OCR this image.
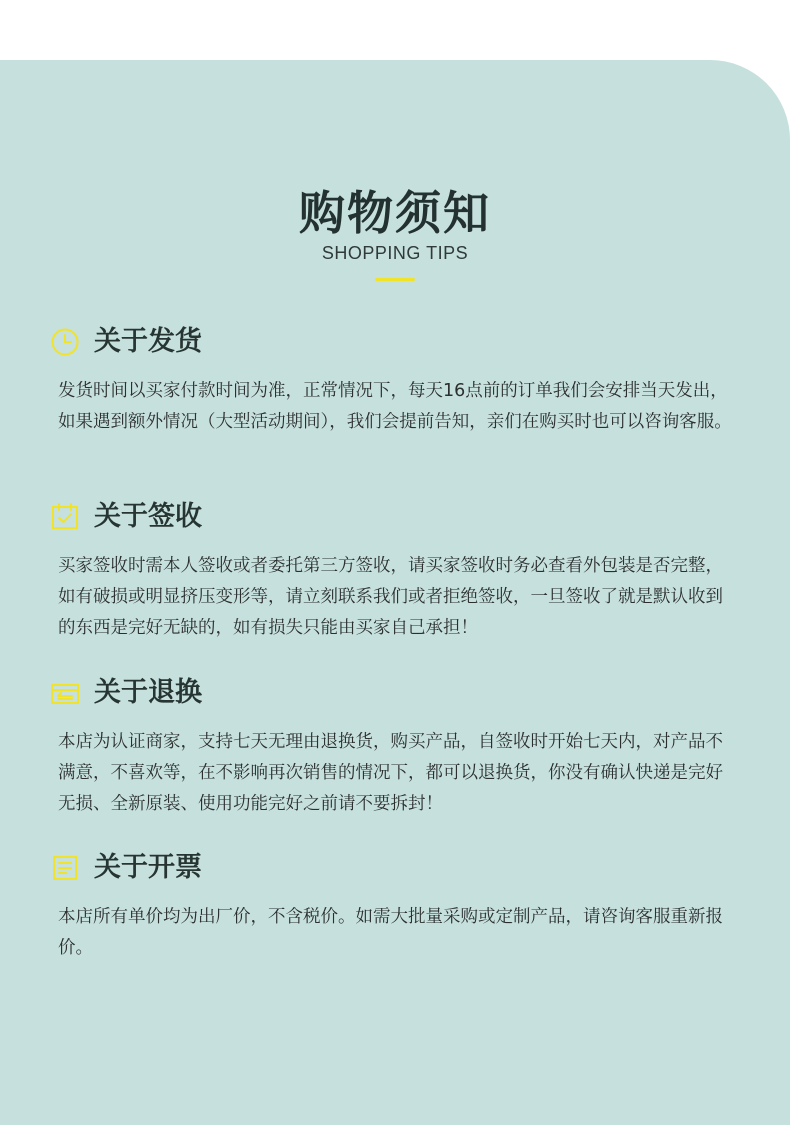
购物须知
SHOPPING TIPS
关于发货
发货时间以买家付款时间为准，正常情况下，每天16点前的订单我们会安排当天发出，如果遇到额外情况（大型活动期间），我们会提前告知，亲们在购买时也可以咨询客服。
关于签收
买家签收时需本人签收或者委托第三方签收，请买家签收时务必查看外包装是否完整，如有破损或明显挤压变形等，请立刻联系我们或者拒绝签收，一旦签收了就是默认收到的东西是完好无缺的，如有损失只能由买家自己承担！
关于退换
本店为认证商家，支持七天无理由退换货，购买产品，自签收时开始七天内，对产品不满意，不喜欢等，在不影响再次销售的情况下，都可以退换货，你没有确认快递是完好无损、全新原装、使用功能完好之前请不要拆封！
关于开票
本店所有单价均为出厂价，不含税价。如需大批量采购或定制产品，请咨询客服重新报价。
